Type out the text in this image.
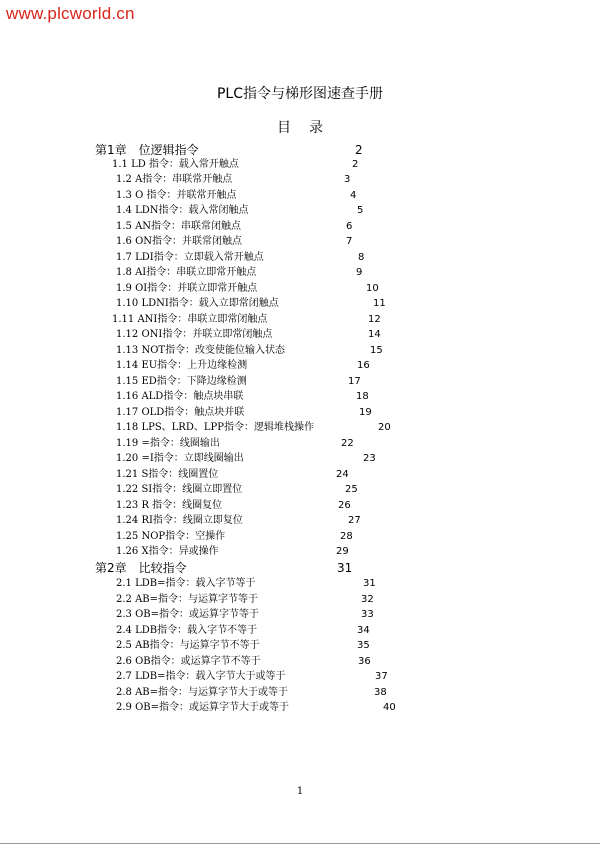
www.plcworld.cn
PLC指令与梯形图速查手册
目录
第1章　位逻辑指令	2
1.1 LD 指令：载入常开触点	2
1.2 A指令：串联常开触点	3
1.3 O 指令：并联常开触点	4
1.4 LDN指令：载入常闭触点	5
1.5 AN指令：串联常闭触点	6
1.6 ON指令：并联常闭触点	7
1.7 LDI指令：立即载入常开触点	8
1.8 AI指令：串联立即常开触点	9
1.9 OI指令：并联立即常开触点	10
1.10 LDNI指令：载入立即常闭触点	11
1.11 ANI指令：串联立即常闭触点	12
1.12 ONI指令：并联立即常闭触点	14
1.13 NOT指令：改变使能位输入状态	15
1.14 EU指令：上升边缘检测	16
1.15 ED指令：下降边缘检测	17
1.16 ALD指令：触点块串联	18
1.17 OLD指令：触点块并联	19
1.18 LPS、LRD、LPP指令：逻辑堆栈操作	20
1.19 =指令：线圈输出	22
1.20 =I指令：立即线圈输出	23
1.21 S指令：线圈置位	24
1.22 SI指令：线圈立即置位	25
1.23 R 指令：线圈复位	26
1.24 RI指令：线圈立即复位	27
1.25 NOP指令：空操作	28
1.26 X指令：异或操作	29
第2章　比较指令	31
2.1 LDB=指令：载入字节等于	31
2.2 AB=指令：与运算字节等于	32
2.3 OB=指令：或运算字节等于	33
2.4 LDB指令：载入字节不等于	34
2.5 AB指令：与运算字节不等于	35
2.6 OB指令：或运算字节不等于	36
2.7 LDB=指令：载入字节大于或等于	37
2.8 AB=指令：与运算字节大于或等于	38
2.9 OB=指令：或运算字节大于或等于	40
1
